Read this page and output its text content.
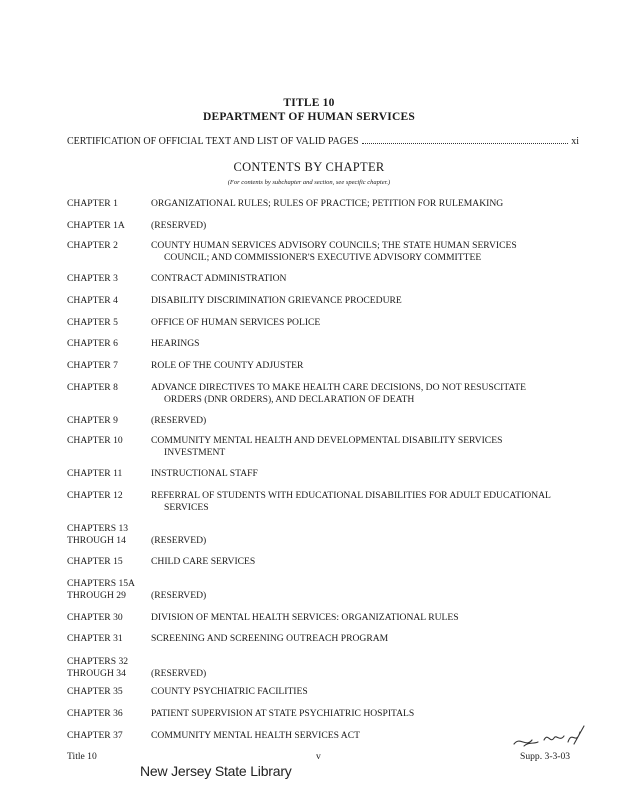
TITLE 10
DEPARTMENT OF HUMAN SERVICES
CERTIFICATION OF OFFICIAL TEXT AND LIST OF VALID PAGES	xi
CONTENTS BY CHAPTER
(For contents by subchapter and section, see specific chapter.)
CHAPTER 1	ORGANIZATIONAL RULES; RULES OF PRACTICE; PETITION FOR RULEMAKING
CHAPTER 1A	(RESERVED)
CHAPTER 2	COUNTY HUMAN SERVICES ADVISORY COUNCILS; THE STATE HUMAN SERVICES
COUNCIL; AND COMMISSIONER'S EXECUTIVE ADVISORY COMMITTEE
CHAPTER 3	CONTRACT ADMINISTRATION
CHAPTER 4	DISABILITY DISCRIMINATION GRIEVANCE PROCEDURE
CHAPTER 5	OFFICE OF HUMAN SERVICES POLICE
CHAPTER 6	HEARINGS
CHAPTER 7	ROLE OF THE COUNTY ADJUSTER
CHAPTER 8	ADVANCE DIRECTIVES TO MAKE HEALTH CARE DECISIONS, DO NOT RESUSCITATE
ORDERS (DNR ORDERS), AND DECLARATION OF DEATH
CHAPTER 9	(RESERVED)
CHAPTER 10	COMMUNITY MENTAL HEALTH AND DEVELOPMENTAL DISABILITY SERVICES
INVESTMENT
CHAPTER 11	INSTRUCTIONAL STAFF
CHAPTER 12	REFERRAL OF STUDENTS WITH EDUCATIONAL DISABILITIES FOR ADULT EDUCATIONAL
SERVICES
CHAPTERS 13
THROUGH 14	(RESERVED)
CHAPTER 15	CHILD CARE SERVICES
CHAPTERS 15A
THROUGH 29	(RESERVED)
CHAPTER 30	DIVISION OF MENTAL HEALTH SERVICES: ORGANIZATIONAL RULES
CHAPTER 31	SCREENING AND SCREENING OUTREACH PROGRAM
CHAPTERS 32
THROUGH 34	(RESERVED)
CHAPTER 35	COUNTY PSYCHIATRIC FACILITIES
CHAPTER 36	PATIENT SUPERVISION AT STATE PSYCHIATRIC HOSPITALS
CHAPTER 37	COMMUNITY MENTAL HEALTH SERVICES ACT
Title 10	v	Supp. 3-3-03
New Jersey State Library
